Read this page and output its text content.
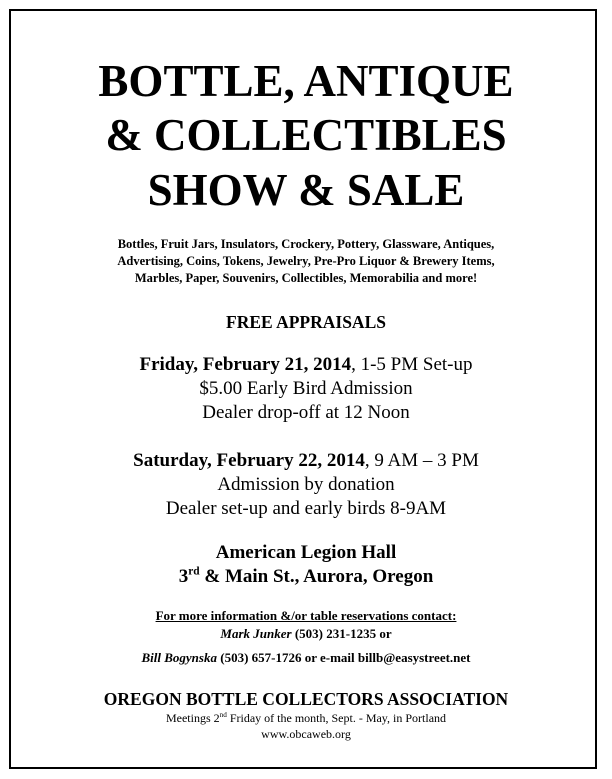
BOTTLE, ANTIQUE
& COLLECTIBLES
SHOW & SALE
Bottles, Fruit Jars, Insulators, Crockery, Pottery, Glassware, Antiques,
Advertising, Coins, Tokens, Jewelry, Pre-Pro Liquor & Brewery Items,
Marbles, Paper, Souvenirs, Collectibles, Memorabilia and more!
FREE APPRAISALS
Friday, February 21, 2014, 1-5 PM Set-up
$5.00 Early Bird Admission
Dealer drop-off at 12 Noon
Saturday, February 22, 2014, 9 AM – 3 PM
Admission by donation
Dealer set-up and early birds 8-9AM
American Legion Hall
3rd & Main St., Aurora, Oregon
For more information &/or table reservations contact:
Mark Junker (503) 231-1235 or
Bill Bogynska (503) 657-1726 or e-mail billb@easystreet.net
OREGON BOTTLE COLLECTORS ASSOCIATION
Meetings 2nd Friday of the month, Sept. - May, in Portland
www.obcaweb.org
